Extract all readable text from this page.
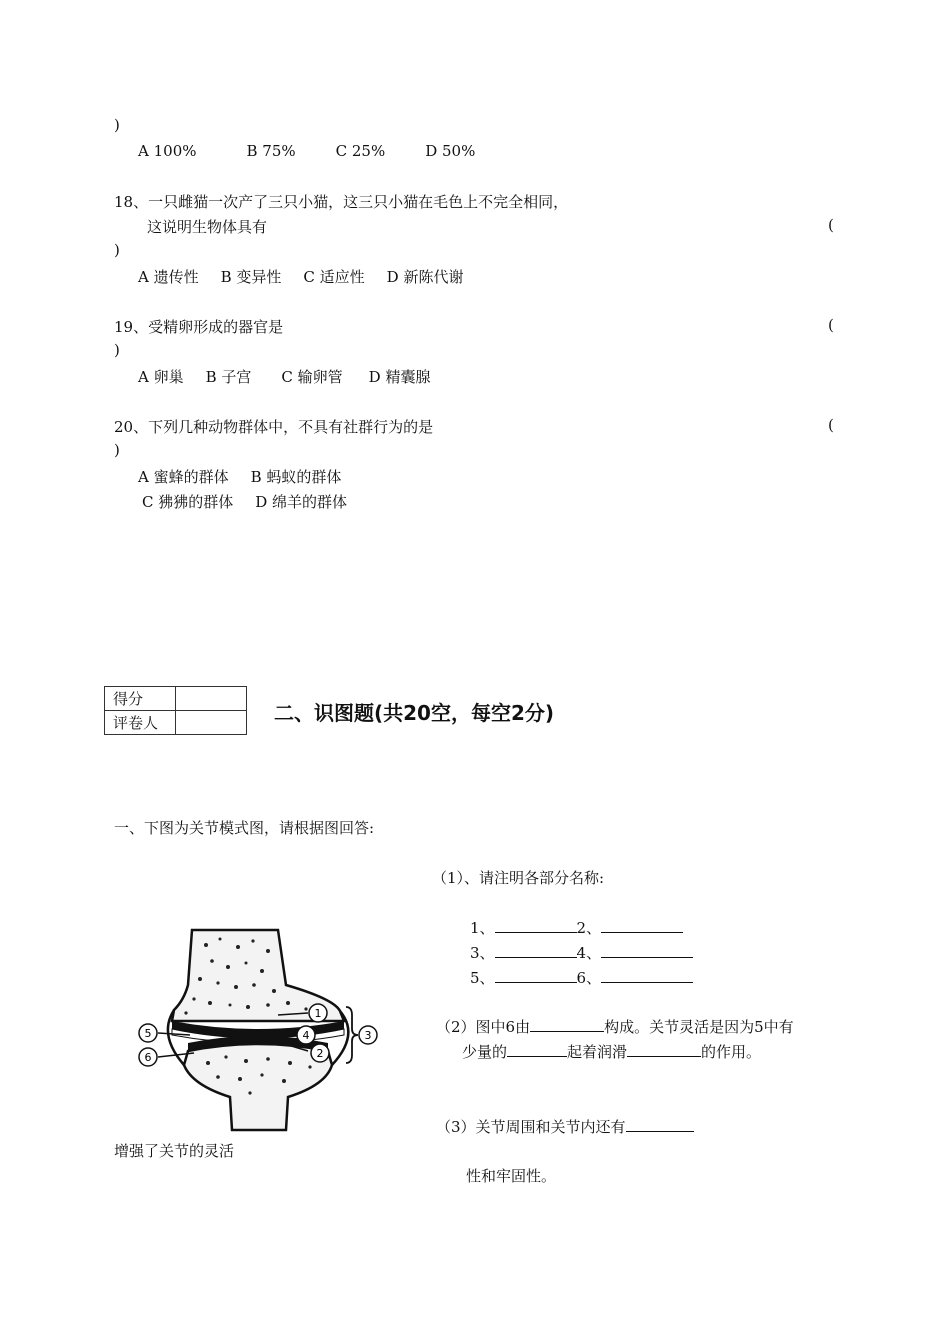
)
A 100%	B 75%	C 25%	D 50%
18、一只雌猫一次产了三只小猫，这三只小猫在毛色上不完全相同，
这说明生物体具有	(
)
A 遗传性 B 变异性 C 适应性 D 新陈代谢
19、受精卵形成的器官是	(
)
A 卵巢 B 子宫 C 输卵管 D 精囊腺
20、下列几种动物群体中，不具有社群行为的是	(
)
A 蜜蜂的群体 B 蚂蚁的群体
C 狒狒的群体 D 绵羊的群体
得分	
评卷人		二、识图题(共20空，每空2分)
一、下图为关节模式图，请根据图回答:
（1）、请注明各部分名称:
1、	2、
3、	4、
5、	6、
（2）图中6由	构成。关节灵活是因为5中有
少量的	起着润滑	的作用。
（3）关节周围和关节内还有
增强了关节的灵活
性和牢固性。
1
4
2
3
5
6
